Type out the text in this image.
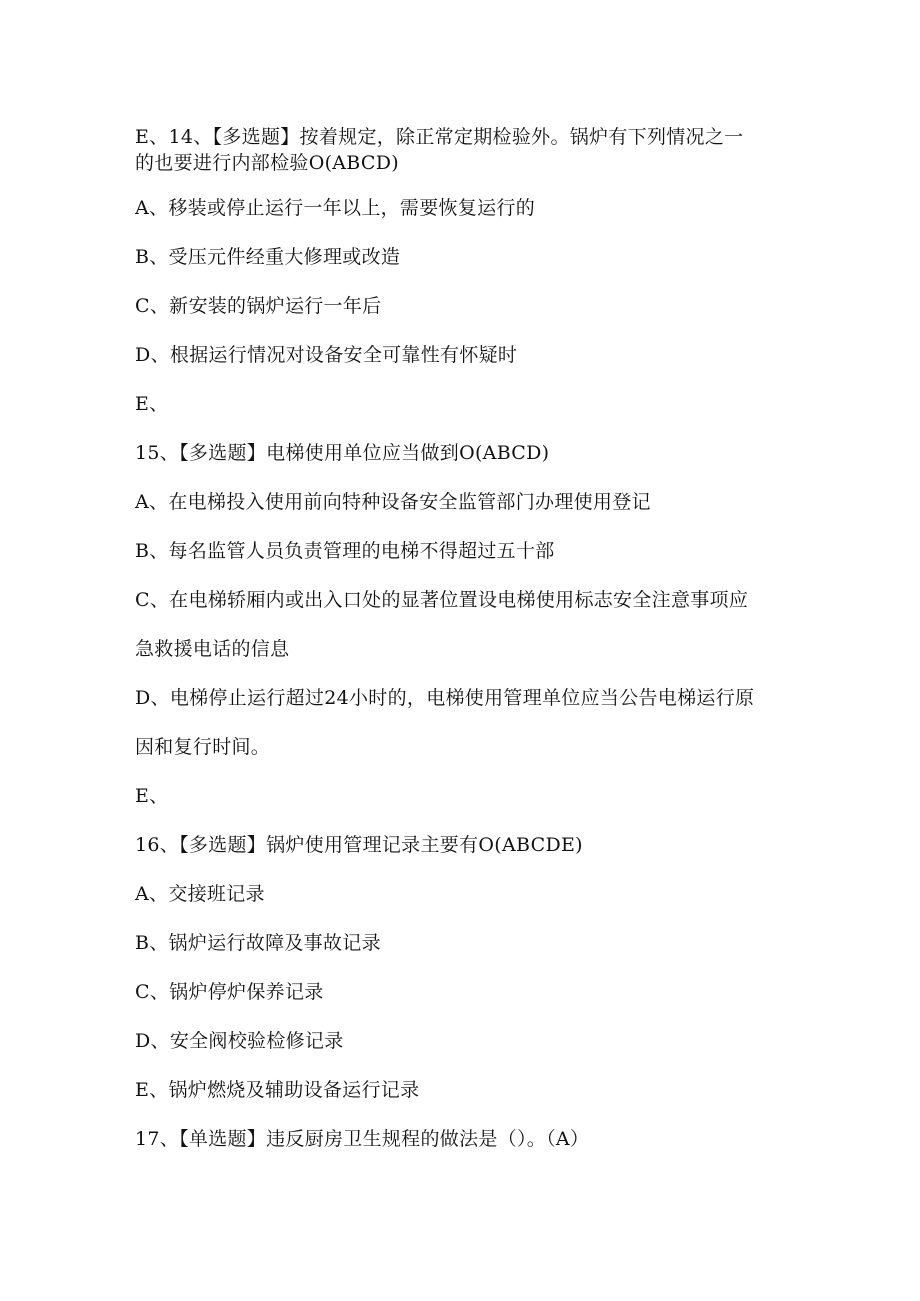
E、14、【多选题】按着规定，除正常定期检验外。锅炉有下列情况之一
的也要进行内部检验O(ABCD)
A、移装或停止运行一年以上，需要恢复运行的
B、受压元件经重大修理或改造
C、新安装的锅炉运行一年后
D、根据运行情况对设备安全可靠性有怀疑时
E、
15、【多选题】电梯使用单位应当做到O(ABCD)
A、在电梯投入使用前向特种设备安全监管部门办理使用登记
B、每名监管人员负责管理的电梯不得超过五十部
C、在电梯轿厢内或出入口处的显著位置设电梯使用标志安全注意事项应
急救援电话的信息
D、电梯停止运行超过24小时的，电梯使用管理单位应当公告电梯运行原
因和复行时间。
E、
16、【多选题】锅炉使用管理记录主要有O(ABCDE)
A、交接班记录
B、锅炉运行故障及事故记录
C、锅炉停炉保养记录
D、安全阀校验检修记录
E、锅炉燃烧及辅助设备运行记录
17、【单选题】违反厨房卫生规程的做法是（）。（A）
